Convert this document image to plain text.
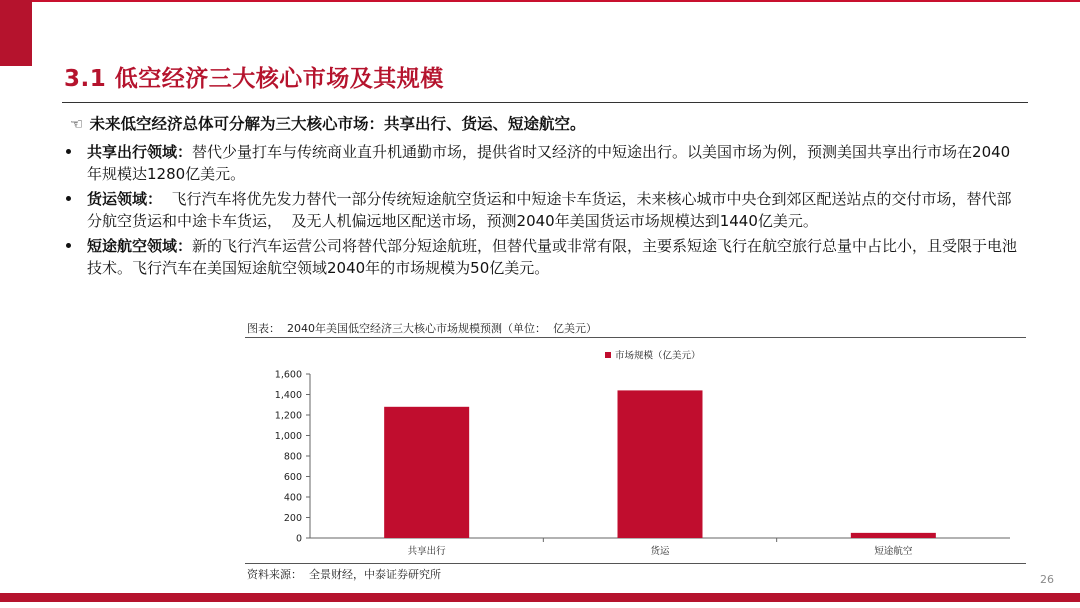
3.1 低空经济三大核心市场及其规模
☜ 未来低空经济总体可分解为三大核心市场：共享出行、货运、短途航空。
共享出行领域：替代少量打车与传统商业直升机通勤市场，提供省时又经济的中短途出行。以美国市场为例，预测美国共享出行市场在2040年规模达1280亿美元。
货运领域：  飞行汽车将优先发力替代一部分传统短途航空货运和中短途卡车货运，未来核心城市中央仓到郊区配送站点的交付市场，替代部分航空货运和中途卡车货运，  及无人机偏远地区配送市场，预测2040年美国货运市场规模达到1440亿美元。
短途航空领域：新的飞行汽车运营公司将替代部分短途航班，但替代量或非常有限，主要系短途飞行在航空旅行总量中占比小，且受限于电池技术。飞行汽车在美国短途航空领域2040年的市场规模为50亿美元。
图表：  2040年美国低空经济三大核心市场规模预测（单位：  亿美元）
0
200
400
600
800
1,000
1,200
1,400
1,600
共享出行	货运	短途航空
市场规模（亿美元）
资料来源：  全景财经，中泰证券研究所	26
